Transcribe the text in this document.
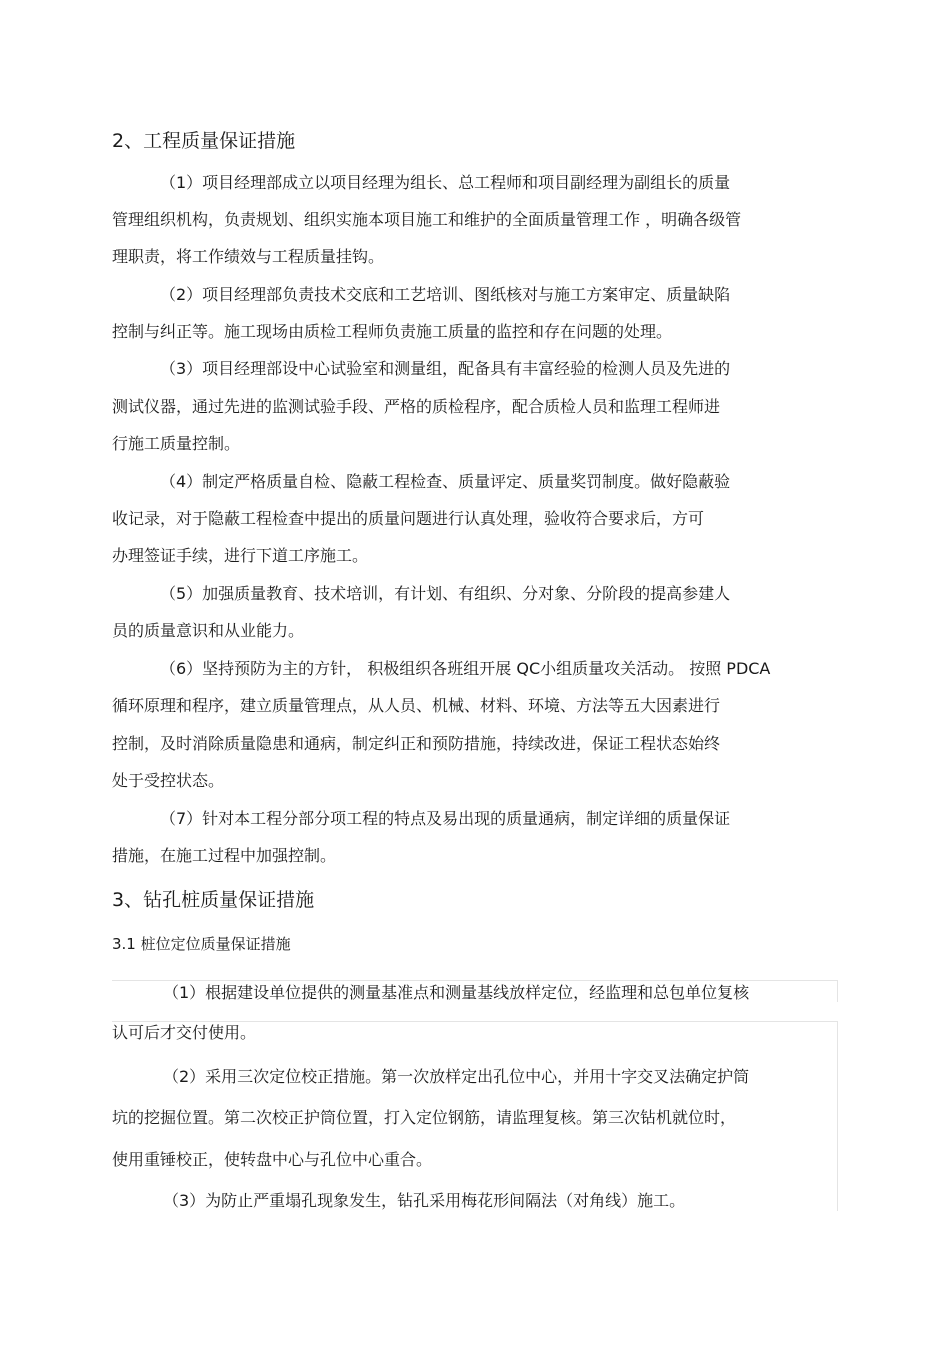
2、工程质量保证措施
（1）项目经理部成立以项目经理为组长、总工程师和项目副经理为副组长的质量
管理组织机构，负责规划、组织实施本项目施工和维护的全面质量管理工作 ，明确各级管
理职责，将工作绩效与工程质量挂钩。
（2）项目经理部负责技术交底和工艺培训、图纸核对与施工方案审定、质量缺陷
控制与纠正等。施工现场由质检工程师负责施工质量的监控和存在问题的处理。
（3）项目经理部设中心试验室和测量组，配备具有丰富经验的检测人员及先进的
测试仪器，通过先进的监测试验手段、严格的质检程序，配合质检人员和监理工程师进
行施工质量控制。
（4）制定严格质量自检、隐蔽工程检查、质量评定、质量奖罚制度。做好隐蔽验
收记录，对于隐蔽工程检查中提出的质量问题进行认真处理，验收符合要求后，方可
办理签证手续，进行下道工序施工。
（5）加强质量教育、技术培训，有计划、有组织、分对象、分阶段的提高参建人
员的质量意识和从业能力。
（6）坚持预防为主的方针， 积极组织各班组开展 QC小组质量攻关活动。 按照 PDCA
循环原理和程序，建立质量管理点，从人员、机械、材料、环境、方法等五大因素进行
控制，及时消除质量隐患和通病，制定纠正和预防措施，持续改进，保证工程状态始终
处于受控状态。
（7）针对本工程分部分项工程的特点及易出现的质量通病，制定详细的质量保证
措施，在施工过程中加强控制。
3、钻孔桩质量保证措施
3.1 桩位定位质量保证措施
（1）根据建设单位提供的测量基准点和测量基线放样定位，经监理和总包单位复核
认可后才交付使用。
（2）采用三次定位校正措施。第一次放样定出孔位中心，并用十字交叉法确定护筒
坑的挖掘位置。第二次校正护筒位置，打入定位钢筋，请监理复核。第三次钻机就位时，
使用重锤校正，使转盘中心与孔位中心重合。
（3）为防止严重塌孔现象发生，钻孔采用梅花形间隔法（对角线）施工。
